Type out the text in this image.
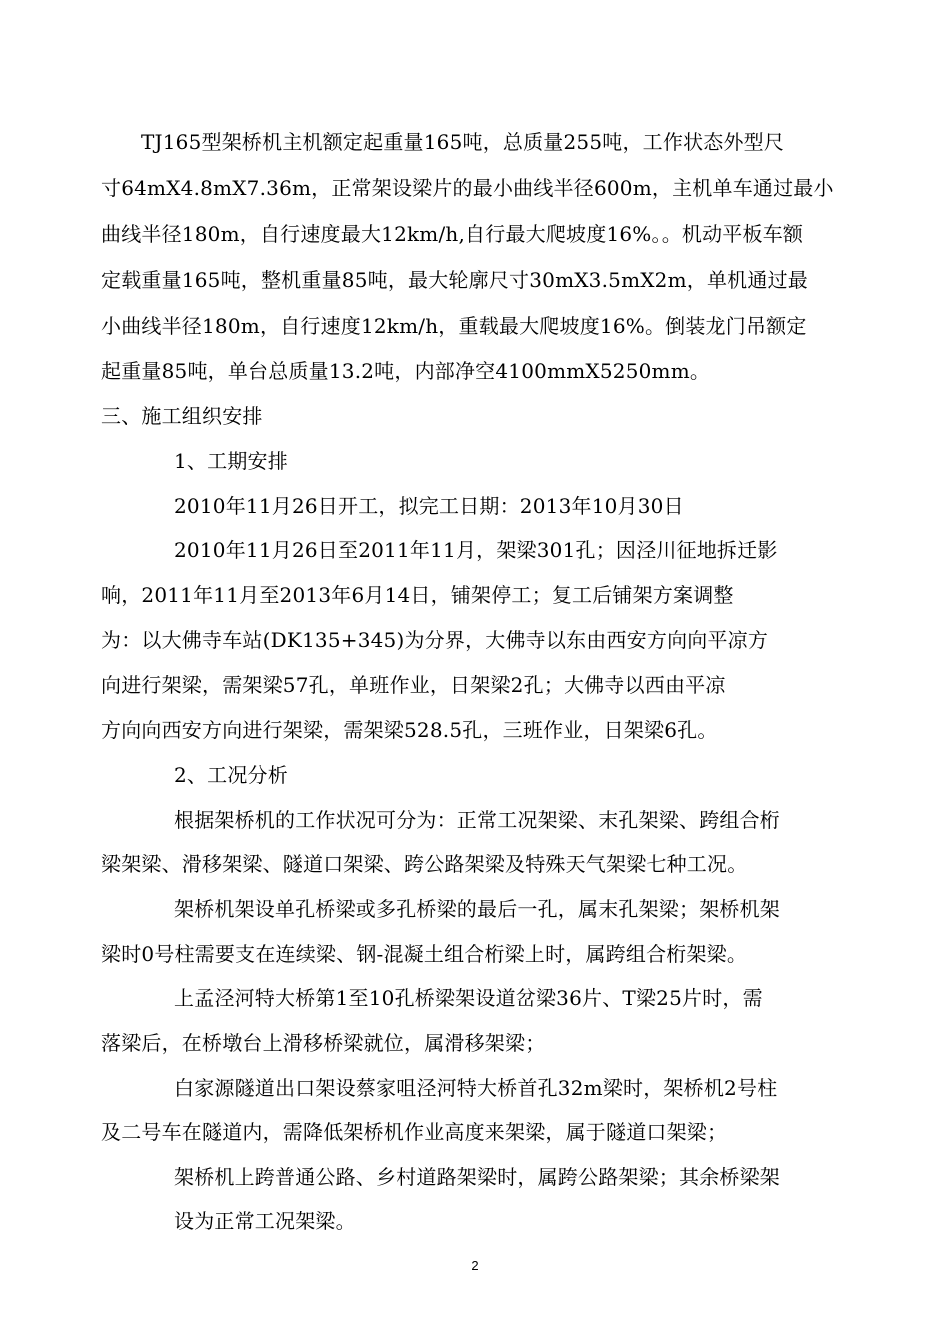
TJ165型架桥机主机额定起重量165吨，总质量255吨，工作状态外型尺
寸64mX4.8mX7.36m，正常架设梁片的最小曲线半径600m，主机单车通过最小
曲线半径180m，自行速度最大12km/h,自行最大爬坡度16%。。机动平板车额
定载重量165吨，整机重量85吨，最大轮廓尺寸30mX3.5mX2m，单机通过最
小曲线半径180m，自行速度12km/h，重载最大爬坡度16%。倒装龙门吊额定
起重量85吨，单台总质量13.2吨，内部净空4100mmX5250mm。
三、施工组织安排
1、工期安排
2010年11月26日开工，拟完工日期：2013年10月30日
2010年11月26日至2011年11月，架梁301孔；因泾川征地拆迁影
响，2011年11月至2013年6月14日，铺架停工；复工后铺架方案调整
为：以大佛寺车站(DK135+345)为分界，大佛寺以东由西安方向向平凉方
向进行架梁，需架梁57孔，单班作业，日架梁2孔；大佛寺以西由平凉
方向向西安方向进行架梁，需架梁528.5孔，三班作业，日架梁6孔。
2、工况分析
根据架桥机的工作状况可分为：正常工况架梁、末孔架梁、跨组合桁
梁架梁、滑移架梁、隧道口架梁、跨公路架梁及特殊天气架梁七种工况。
架桥机架设单孔桥梁或多孔桥梁的最后一孔，属末孔架梁；架桥机架
梁时0号柱需要支在连续梁、钢-混凝土组合桁梁上时，属跨组合桁架梁。
上孟泾河特大桥第1至10孔桥梁架设道岔梁36片、T梁25片时，需
落梁后，在桥墩台上滑移桥梁就位，属滑移架梁；
白家源隧道出口架设蔡家咀泾河特大桥首孔32m梁时，架桥机2号柱
及二号车在隧道内，需降低架桥机作业高度来架梁，属于隧道口架梁；
架桥机上跨普通公路、乡村道路架梁时，属跨公路架梁；其余桥梁架
设为正常工况架梁。
2
